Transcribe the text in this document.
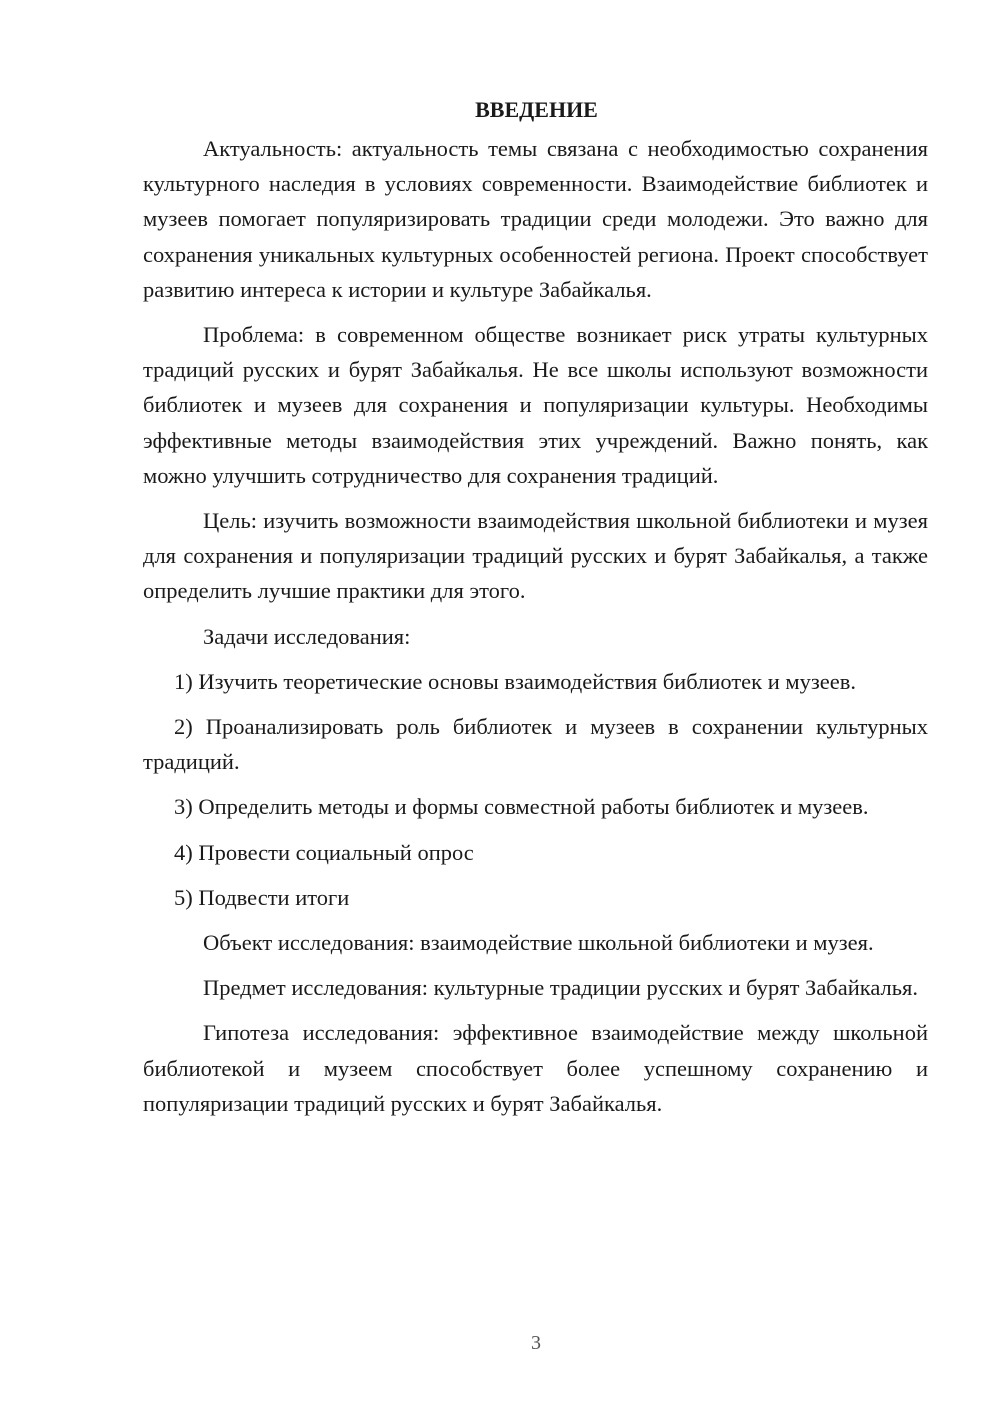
ВВЕДЕНИЕ

Актуальность: актуальность темы связана с необходимостью сохранения культурного наследия в условиях современности. Взаимодействие библиотек и музеев помогает популяризировать традиции среди молодежи. Это важно для сохранения уникальных культурных особенностей региона. Проект способствует развитию интереса к истории и культуре Забайкалья.

Проблема: в современном обществе возникает риск утраты культурных традиций русских и бурят Забайкалья. Не все школы используют возможности библиотек и музеев для сохранения и популяризации культуры. Необходимы эффективные методы взаимодействия этих учреждений. Важно понять, как можно улучшить сотрудничество для сохранения традиций.

Цель: изучить возможности взаимодействия школьной библиотеки и музея для сохранения и популяризации традиций русских и бурят Забайкалья, а также определить лучшие практики для этого.

Задачи исследования:

1) Изучить теоретические основы взаимодействия библиотек и музеев.

2) Проанализировать роль библиотек и музеев в сохранении культурных традиций.

3) Определить методы и формы совместной работы библиотек и музеев.

4) Провести социальный опрос

5) Подвести итоги

Объект исследования: взаимодействие школьной библиотеки и музея.

Предмет исследования: культурные традиции русских и бурят Забайкалья.

Гипотеза исследования: эффективное взаимодействие между школьной библиотекой и музеем способствует более успешному сохранению и популяризации традиций русских и бурят Забайкалья.

3
